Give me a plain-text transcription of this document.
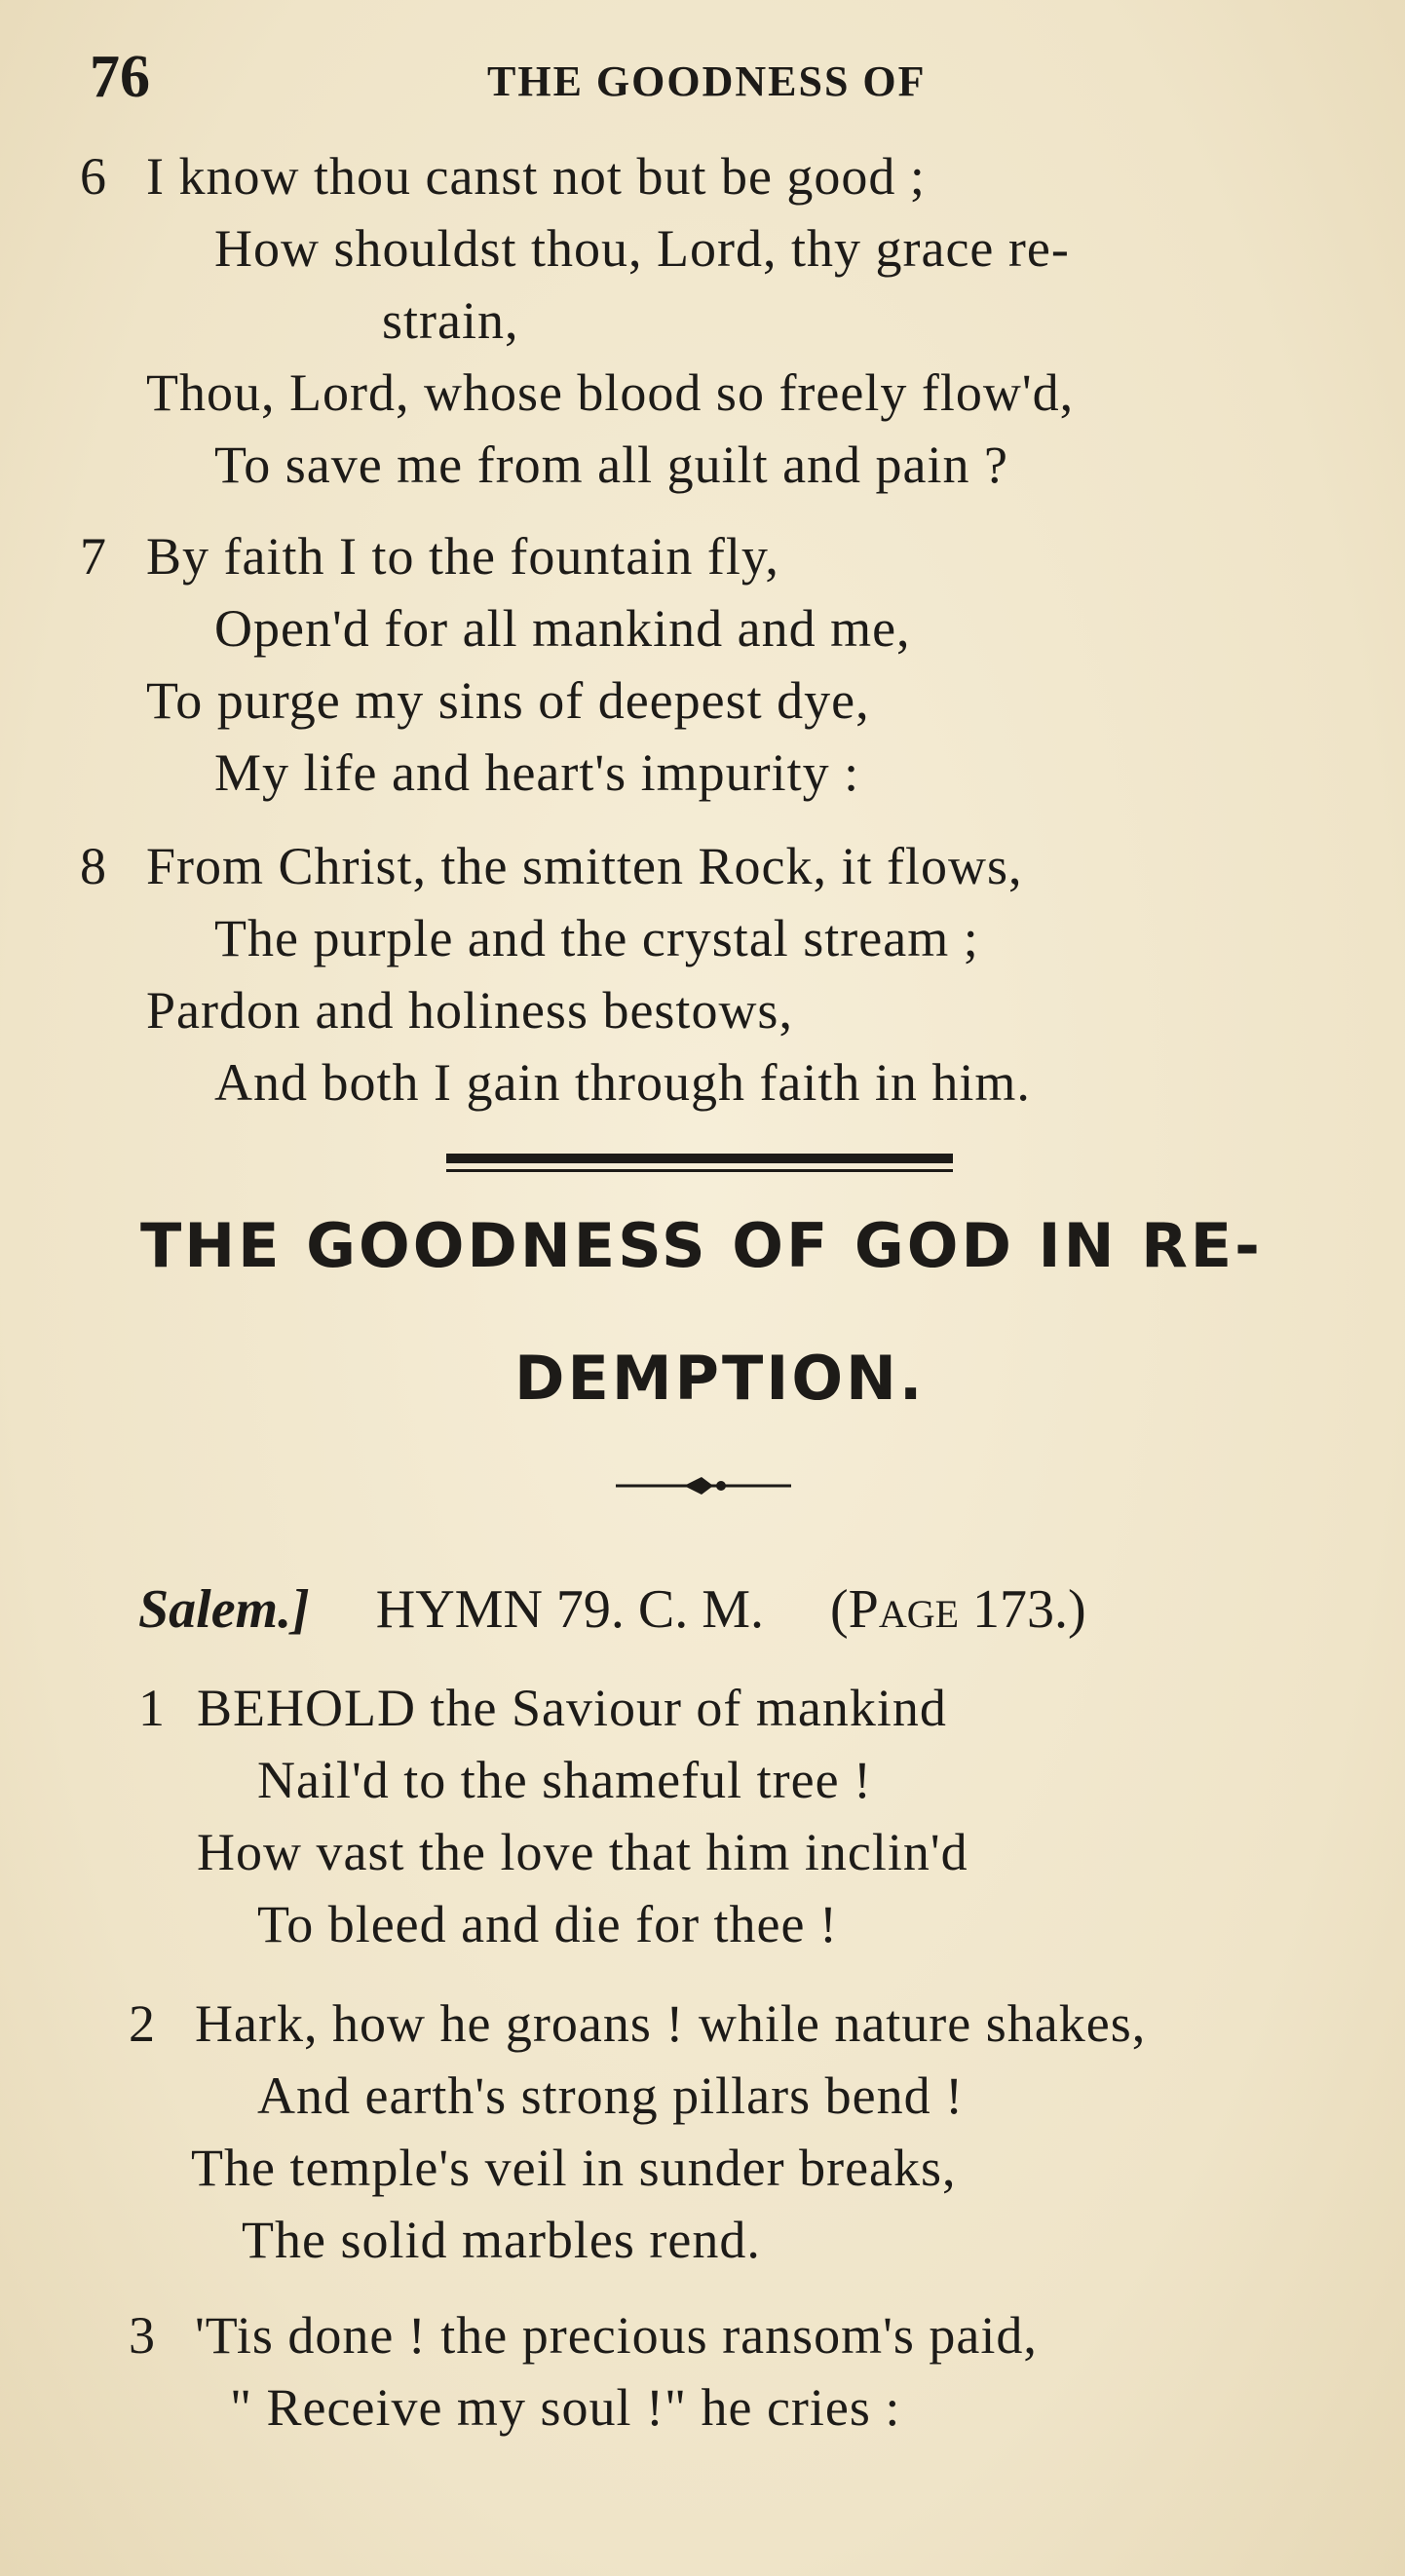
76	THE GOODNESS OF
6 I know thou canst not but be good ;
How shouldst thou, Lord, thy grace re-
strain,
Thou, Lord, whose blood so freely flow'd,
To save me from all guilt and pain ?
7 By faith I to the fountain fly,
Open'd for all mankind and me,
To purge my sins of deepest dye,
My life and heart's impurity :
8 From Christ, the smitten Rock, it flows,
The purple and the crystal stream ;
Pardon and holiness bestows,
And both I gain through faith in him.
THE GOODNESS OF GOD IN RE-
DEMPTION.
Salem.] HYMN 79. C. M. (PAGE 173.)
1 BEHOLD the Saviour of mankind
Nail'd to the shameful tree !
How vast the love that him inclin'd
To bleed and die for thee !
2 Hark, how he groans ! while nature shakes,
And earth's strong pillars bend !
The temple's veil in sunder breaks,
The solid marbles rend.
3 'Tis done ! the precious ransom's paid,
" Receive my soul !" he cries :
